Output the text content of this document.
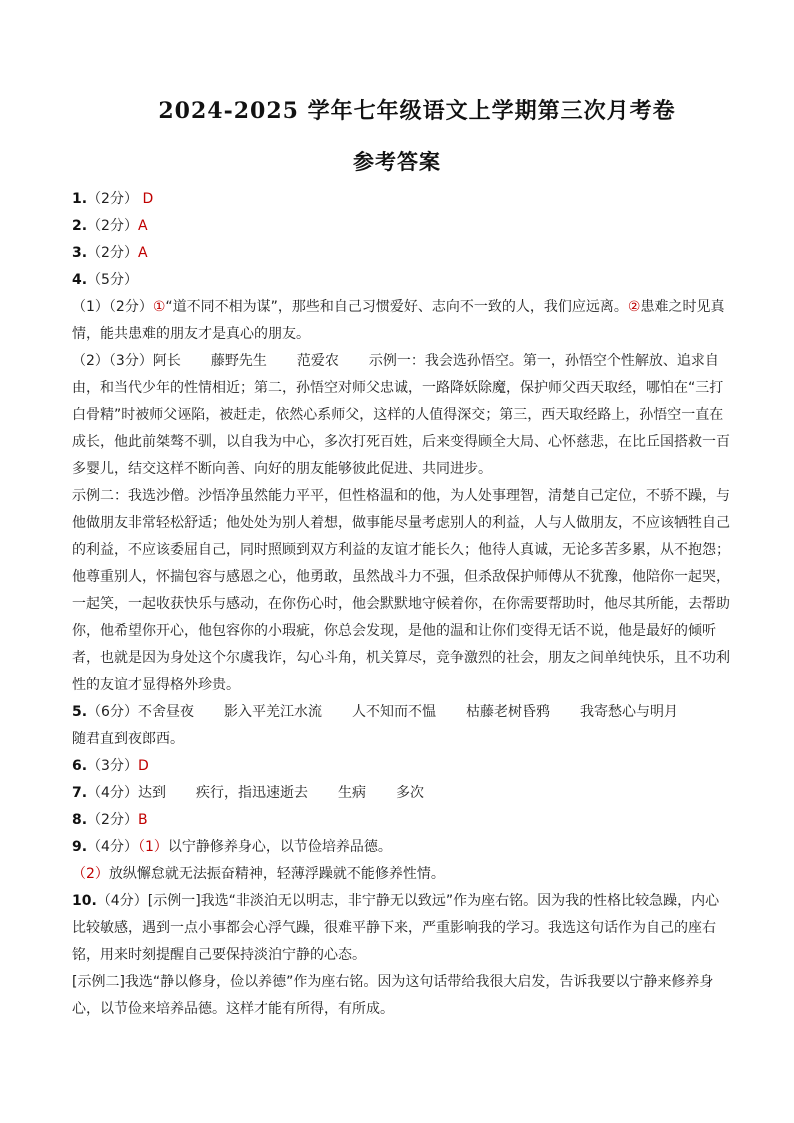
2024-2025 学年七年级语文上学期第三次月考卷
参考答案

1.（2分） D

2.（2分）A

3.（2分）A

4.（5分）

（1）（2分）①“道不同不相为谋”，那些和自己习惯爱好、志向不一致的人，我们应远离。②患难之时见真情，能共患难的朋友才是真心的朋友。

（2）（3分）阿长 藤野先生 范爱农 示例一：我会选孙悟空。第一，孙悟空个性解放、追求自由，和当代少年的性情相近；第二，孙悟空对师父忠诚，一路降妖除魔，保护师父西天取经，哪怕在“三打白骨精”时被师父诬陷，被赶走，依然心系师父，这样的人值得深交；第三，西天取经路上，孙悟空一直在成长，他此前桀骜不驯，以自我为中心，多次打死百姓，后来变得顾全大局、心怀慈悲，在比丘国搭救一百多婴儿，结交这样不断向善、向好的朋友能够彼此促进、共同进步。

示例二：我选沙僧。沙悟净虽然能力平平，但性格温和的他，为人处事理智，清楚自己定位，不骄不躁，与他做朋友非常轻松舒适；他处处为别人着想，做事能尽量考虑别人的利益，人与人做朋友，不应该牺牲自己的利益，不应该委屈自己，同时照顾到双方利益的友谊才能长久；他待人真诚，无论多苦多累，从不抱怨；他尊重别人，怀揣包容与感恩之心，他勇敢，虽然战斗力不强，但杀敌保护师傅从不犹豫，他陪你一起哭，一起笑，一起收获快乐与感动，在你伤心时，他会默默地守候着你，在你需要帮助时，他尽其所能，去帮助你，他希望你开心，他包容你的小瑕疵，你总会发现，是他的温和让你们变得无话不说，他是最好的倾听者，也就是因为身处这个尔虞我诈，勾心斗角，机关算尽，竞争激烈的社会，朋友之间单纯快乐，且不功利性的友谊才显得格外珍贵。

5.（6分）不舍昼夜 影入平羌江水流 人不知而不愠 枯藤老树昏鸦 我寄愁心与明月
随君直到夜郎西。

6.（3分）D

7.（4分）达到 疾行，指迅速逝去 生病 多次

8.（2分）B

9.（4分）（1）以宁静修养身心，以节俭培养品德。

（2）放纵懈怠就无法振奋精神，轻薄浮躁就不能修养性情。

10.（4分）[示例一]我选“非淡泊无以明志，非宁静无以致远”作为座右铭。因为我的性格比较急躁，内心比较敏感，遇到一点小事都会心浮气躁，很难平静下来，严重影响我的学习。我选这句话作为自己的座右铭，用来时刻提醒自己要保持淡泊宁静的心态。

[示例二]我选“静以修身，俭以养德”作为座右铭。因为这句话带给我很大启发，告诉我要以宁静来修养身心，以节俭来培养品德。这样才能有所得，有所成。
